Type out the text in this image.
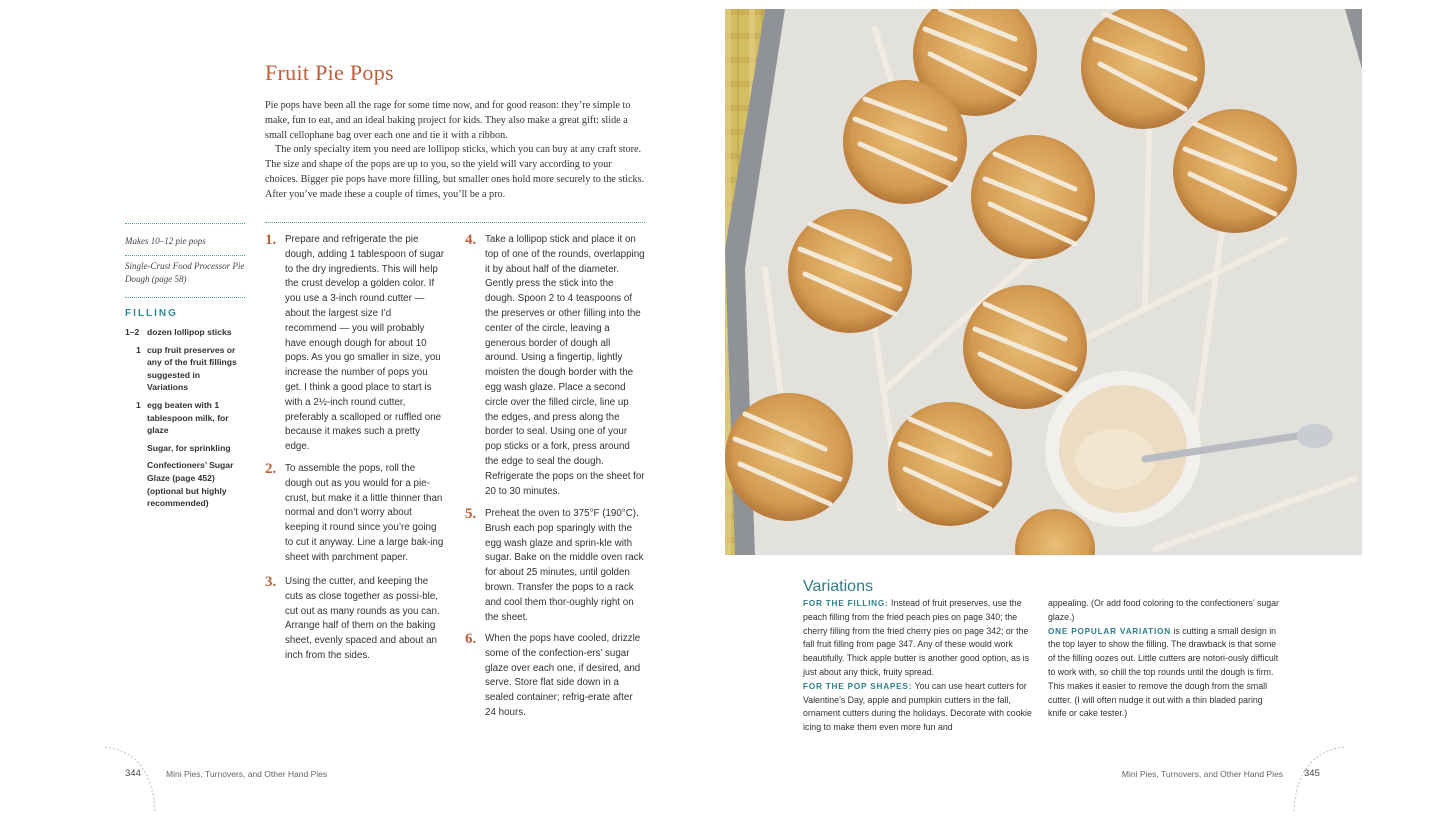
Fruit Pie Pops

Pie pops have been all the rage for some time now, and for good reason: they’re simple to make, fun to eat, and an ideal baking project for kids. They also make a great gift: slide a small cellophane bag over each one and tie it with a ribbon.

The only specialty item you need are lollipop sticks, which you can buy at any craft store. The size and shape of the pops are up to you, so the yield will vary according to your choices. Bigger pie pops have more filling, but smaller ones hold more securely to the sticks. After you’ve made these a couple of times, you’ll be a pro.

Makes 10–12 pie pops
Single-Crust Food Processor Pie Dough (page 58)
FILLING
1–2 dozen lollipop sticks
1 cup fruit preserves or any of the fruit fillings suggested in Variations
1 egg beaten with 1 tablespoon milk, for glaze
Sugar, for sprinkling
Confectioners’ Sugar Glaze (page 452) (optional but highly recommended)
1. Prepare and refrigerate the pie dough, adding 1 tablespoon of sugar to the dry ingredients. This will help the crust develop a golden color. If you use a 3-inch round cutter — about the largest size I’d recommend — you will probably have enough dough for about 10 pops. As you go smaller in size, you increase the number of pops you get. I think a good place to start is with a 2½-inch round cutter, preferably a scalloped or ruffled one because it makes such a pretty edge.
2. To assemble the pops, roll the dough out as you would for a pie-crust, but make it a little thinner than normal and don’t worry about keeping it round since you’re going to cut it anyway. Line a large bak-ing sheet with parchment paper.
3. Using the cutter, and keeping the cuts as close together as possi-ble, cut out as many rounds as you can. Arrange half of them on the baking sheet, evenly spaced and about an inch from the sides.
4. Take a lollipop stick and place it on top of one of the rounds, overlapping it by about half of the diameter. Gently press the stick into the dough. Spoon 2 to 4 teaspoons of the preserves or other filling into the center of the circle, leaving a generous border of dough all around. Using a fingertip, lightly moisten the dough border with the egg wash glaze. Place a second circle over the filled circle, line up the edges, and press along the border to seal. Using one of your pop sticks or a fork, press around the edge to seal the dough. Refrigerate the pops on the sheet for 20 to 30 minutes.
5. Preheat the oven to 375°F (190°C). Brush each pop sparingly with the egg wash glaze and sprin-kle with sugar. Bake on the middle oven rack for about 25 minutes, until golden brown. Transfer the pops to a rack and cool them thor-oughly right on the sheet.
6. When the pops have cooled, drizzle some of the confection-ers’ sugar glaze over each one, if desired, and serve. Store flat side down in a sealed container; refrig-erate after 24 hours.
Variations
FOR THE FILLING: Instead of fruit preserves, use the peach filling from the fried peach pies on page 340; the cherry filling from the fried cherry pies on page 342; or the fall fruit filling from page 347. Any of these would work beautifully. Thick apple butter is another good option, as is just about any thick, fruity spread.
FOR THE POP SHAPES: You can use heart cutters for Valentine’s Day, apple and pumpkin cutters in the fall, ornament cutters during the holidays. Decorate with cookie icing to make them even more fun and
appealing. (Or add food coloring to the confectioners’ sugar glaze.)
ONE POPULAR VARIATION is cutting a small design in the top layer to show the filling. The drawback is that some of the filling oozes out. Little cutters are notori-ously difficult to work with, so chill the top rounds until the dough is firm. This makes it easier to remove the dough from the small cutter. (I will often nudge it out with a thin bladed paring knife or cake tester.)
344	Mini Pies, Turnovers, and Other Hand Pies	Mini Pies, Turnovers, and Other Hand Pies 345
